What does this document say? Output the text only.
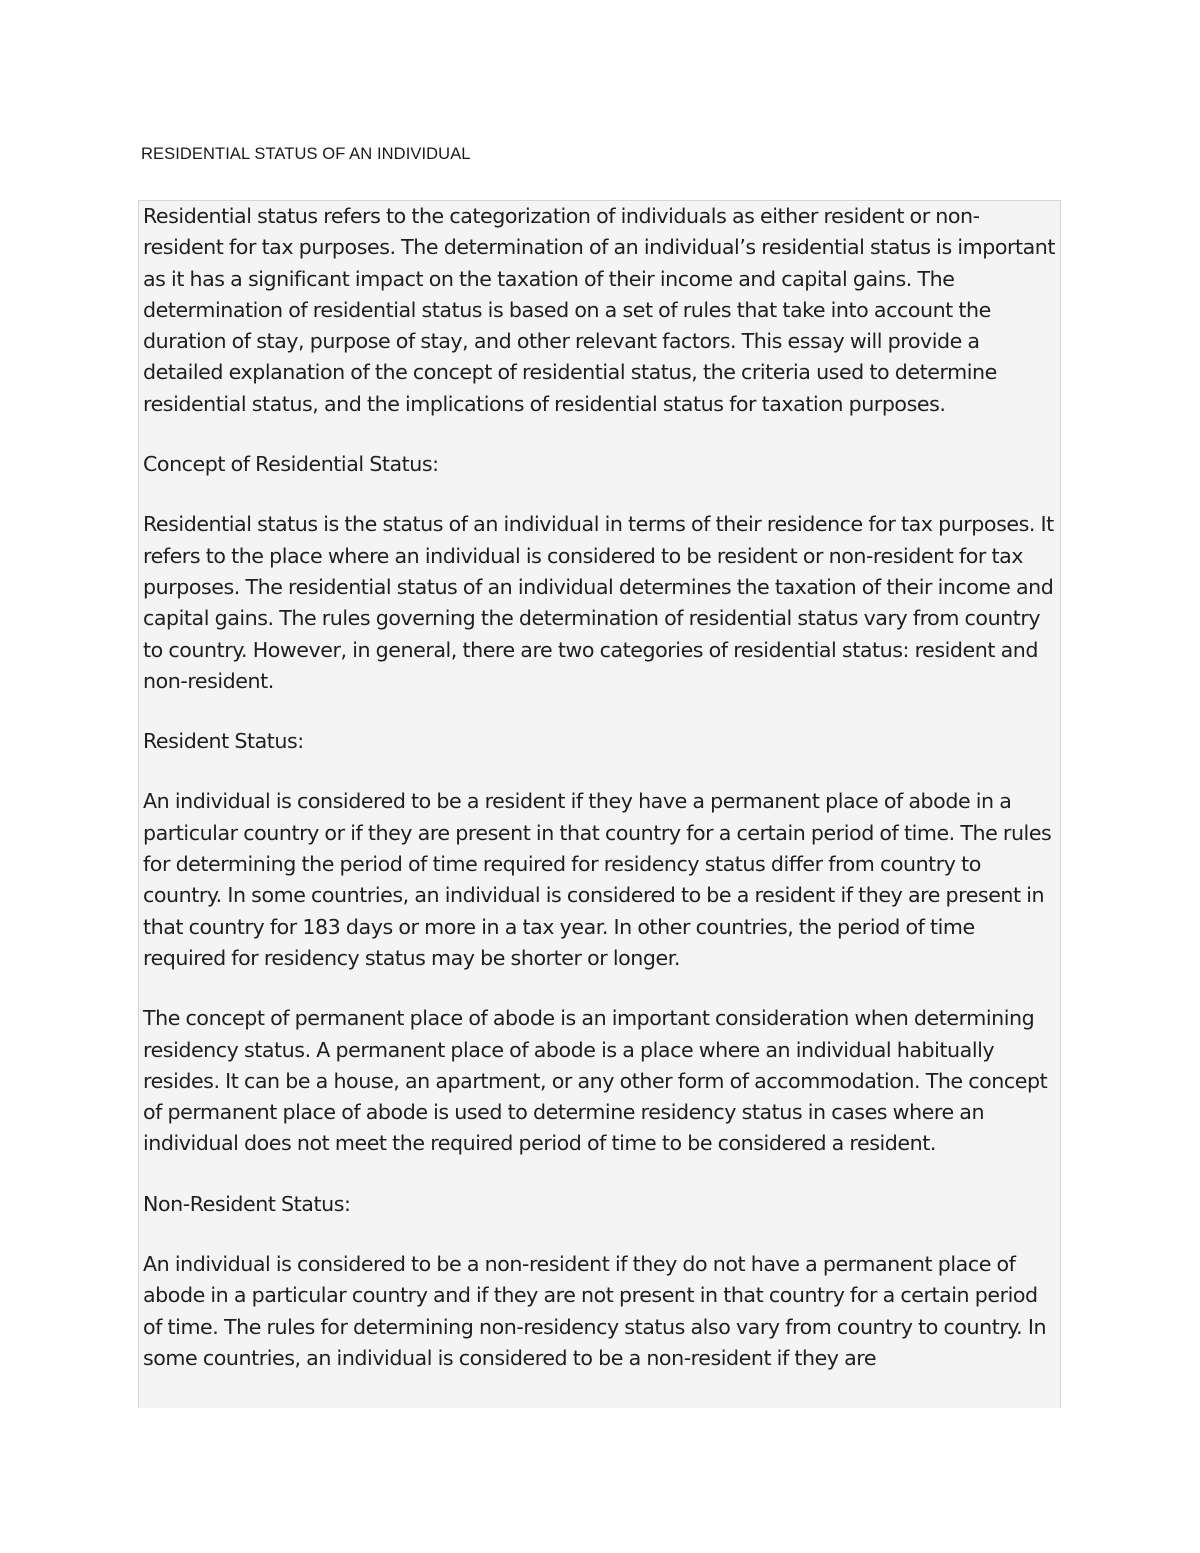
RESIDENTIAL STATUS OF AN INDIVIDUAL

Residential status refers to the categorization of individuals as either resident or non-resident for tax purposes. The determination of an individual’s residential status is important as it has a significant impact on the taxation of their income and capital gains. The determination of residential status is based on a set of rules that take into account the duration of stay, purpose of stay, and other relevant factors. This essay will provide a detailed explanation of the concept of residential status, the criteria used to determine residential status, and the implications of residential status for taxation purposes.

Concept of Residential Status:

Residential status is the status of an individual in terms of their residence for tax purposes. It refers to the place where an individual is considered to be resident or non-resident for tax purposes. The residential status of an individual determines the taxation of their income and capital gains. The rules governing the determination of residential status vary from country to country. However, in general, there are two categories of residential status: resident and non-resident.

Resident Status:

An individual is considered to be a resident if they have a permanent place of abode in a particular country or if they are present in that country for a certain period of time. The rules for determining the period of time required for residency status differ from country to country. In some countries, an individual is considered to be a resident if they are present in that country for 183 days or more in a tax year. In other countries, the period of time required for residency status may be shorter or longer.

The concept of permanent place of abode is an important consideration when determining residency status. A permanent place of abode is a place where an individual habitually resides. It can be a house, an apartment, or any other form of accommodation. The concept of permanent place of abode is used to determine residency status in cases where an individual does not meet the required period of time to be considered a resident.

Non-Resident Status:

An individual is considered to be a non-resident if they do not have a permanent place of abode in a particular country and if they are not present in that country for a certain period of time. The rules for determining non-residency status also vary from country to country. In some countries, an individual is considered to be a non-resident if they are
